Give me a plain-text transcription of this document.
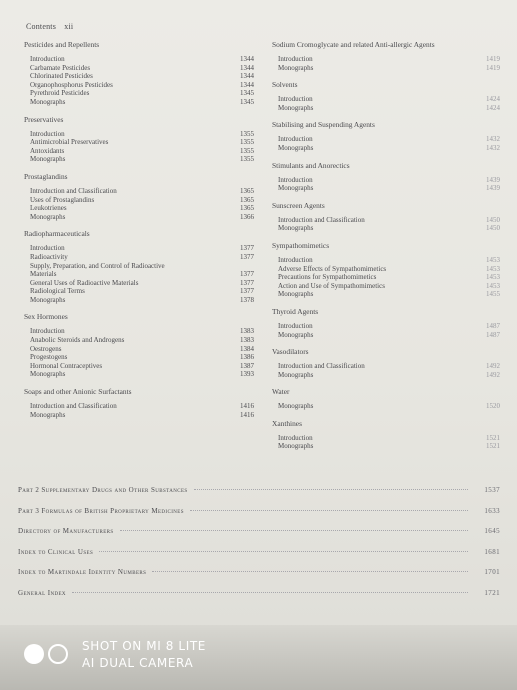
Contents xii
Pesticides and Repellents
Introduction	1344
Carbamate Pesticides	1344
Chlorinated Pesticides	1344
Organophosphorus Pesticides	1344
Pyrethroid Pesticides	1345
Monographs	1345
Preservatives
Introduction	1355
Antimicrobial Preservatives	1355
Antoxidants	1355
Monographs	1355
Prostaglandins
Introduction and Classification	1365
Uses of Prostaglandins	1365
Leukotrienes	1365
Monographs	1366
Radiopharmaceuticals
Introduction	1377
Radioactivity	1377
Supply, Preparation, and Control of Radioactive
Materials	1377
General Uses of Radioactive Materials	1377
Radiological Terms	1377
Monographs	1378
Sex Hormones
Introduction	1383
Anabolic Steroids and Androgens	1383
Oestrogens	1384
Progestogens	1386
Hormonal Contraceptives	1387
Monographs	1393
Soaps and other Anionic Surfactants
Introduction and Classification	1416
Monographs	1416
Sodium Cromoglycate and related Anti-allergic Agents
Introduction	1419
Monographs	1419
Solvents
Introduction	1424
Monographs	1424
Stabilising and Suspending Agents
Introduction	1432
Monographs	1432
Stimulants and Anorectics
Introduction	1439
Monographs	1439
Sunscreen Agents
Introduction and Classification	1450
Monographs	1450
Sympathomimetics
Introduction	1453
Adverse Effects of Sympathomimetics	1453
Precautions for Sympathomimetics	1453
Action and Use of Sympathomimetics	1453
Monographs	1455
Thyroid Agents
Introduction	1487
Monographs	1487
Vasodilators
Introduction and Classification	1492
Monographs	1492
Water
Monographs	1520
Xanthines
Introduction	1521
Monographs	1521
Part 2 Supplementary Drugs and Other Substances	1537
Part 3 Formulas of British Proprietary Medicines	1633
Directory of Manufacturers	1645
Index to Clinical Uses	1681
Index to Martindale Identity Numbers	1701
General Index	1721
SHOT ON MI 8 LITE
AI DUAL CAMERA
